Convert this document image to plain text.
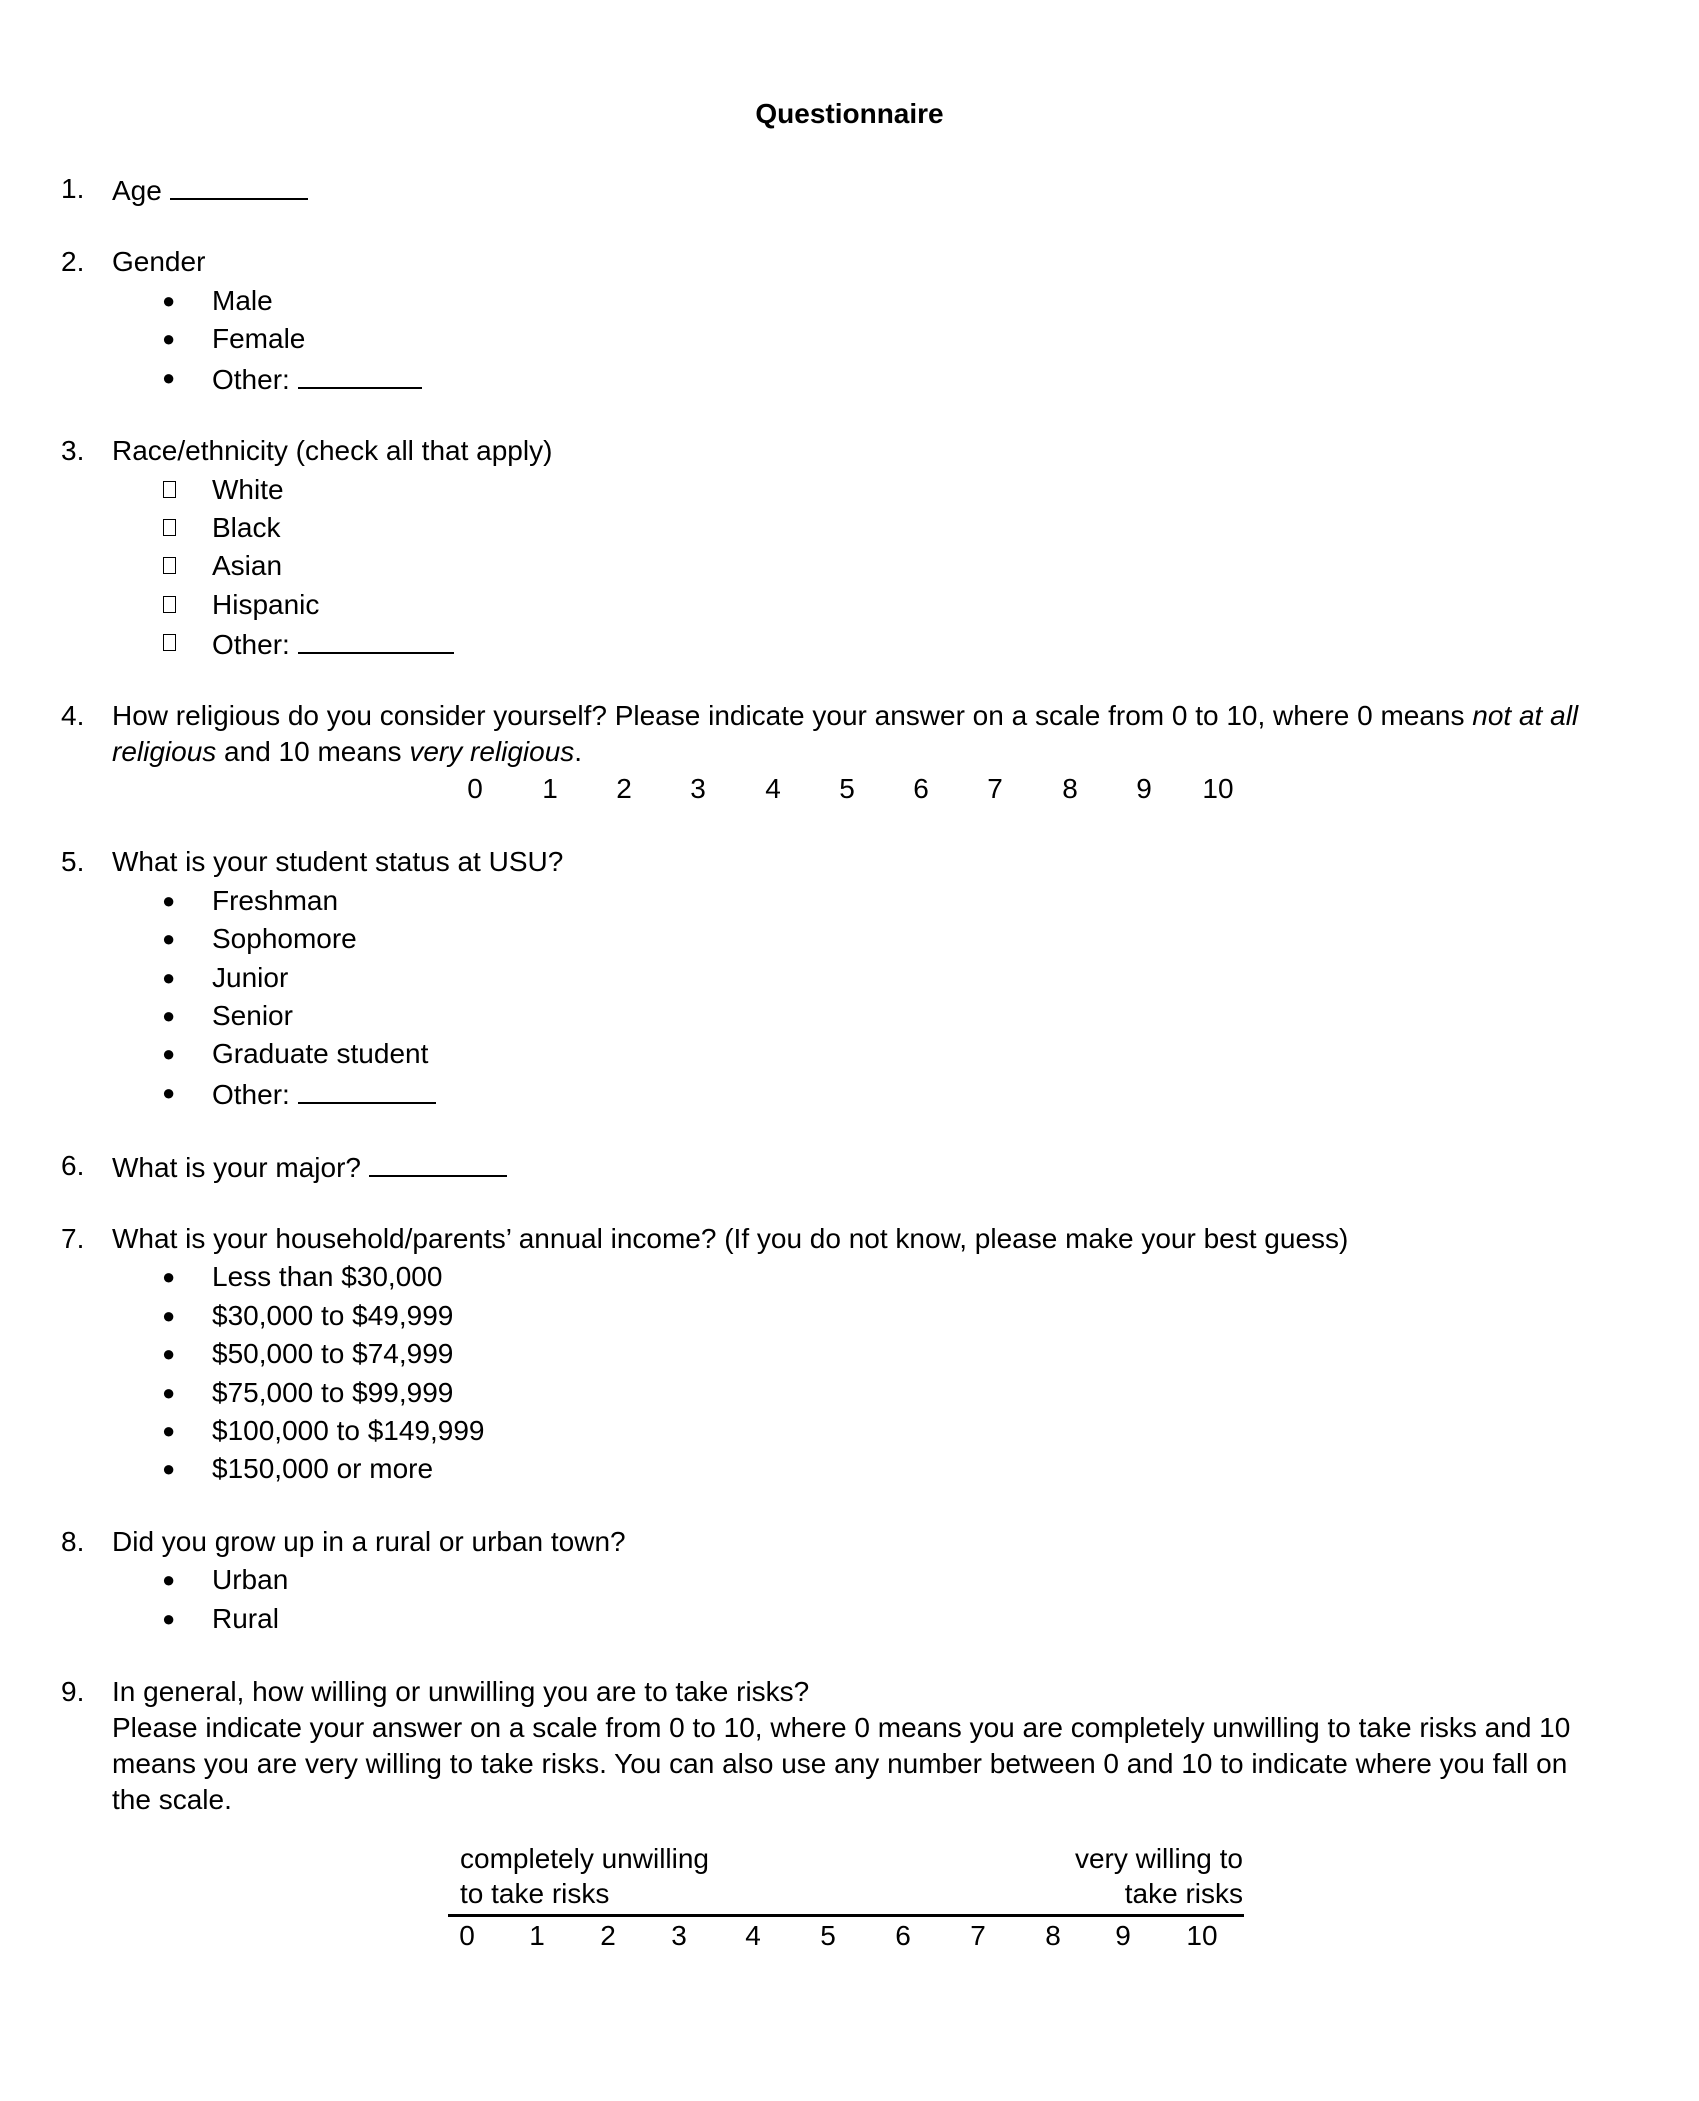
Questionnaire
1. Age
2. Gender
● Male
● Female
● Other:
3. Race/ethnicity (check all that apply)
White
Black
Asian
Hispanic
Other:
4. How religious do you consider yourself? Please indicate your answer on a scale from 0 to 10, where 0 means not at all
religious and 10 means very religious.
0	1	2	3	4	5	6	7	8	9	10
5. What is your student status at USU?
● Freshman
● Sophomore
● Junior
● Senior
● Graduate student
● Other:
6. What is your major?
7. What is your household/parents’ annual income? (If you do not know, please make your best guess)
● Less than $30,000
● $30,000 to $49,999
● $50,000 to $74,999
● $75,000 to $99,999
● $100,000 to $149,999
● $150,000 or more
8. Did you grow up in a rural or urban town?
● Urban
● Rural
9. In general, how willing or unwilling you are to take risks?
Please indicate your answer on a scale from 0 to 10, where 0 means you are completely unwilling to take risks and 10
means you are very willing to take risks. You can also use any number between 0 and 10 to indicate where you fall on
the scale.
completely unwilling
to take risks
very willing to
take risks
0	1	2	3	4	5	6	7	8	9	10
